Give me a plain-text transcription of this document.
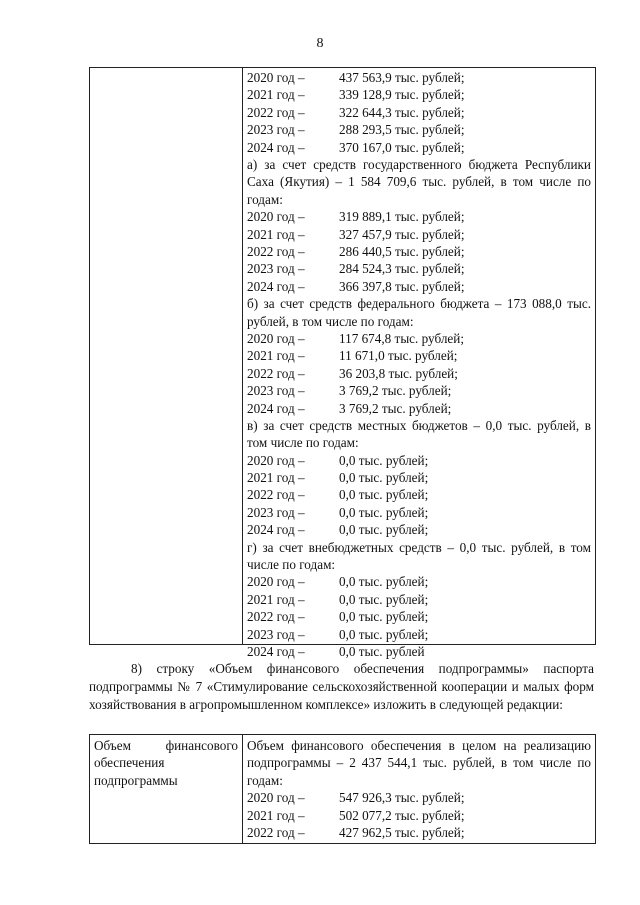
8
2020 год –	437 563,9 тыс. рублей;
2021 год –	339 128,9 тыс. рублей;
2022 год –	322 644,3 тыс. рублей;
2023 год –	288 293,5 тыс. рублей;
2024 год –	370 167,0 тыс. рублей;
а) за счет средств государственного бюджета Республики Саха (Якутия) – 1 584 709,6 тыс. рублей, в том числе по годам:
2020 год –	319 889,1 тыс. рублей;
2021 год –	327 457,9 тыс. рублей;
2022 год –	286 440,5 тыс. рублей;
2023 год –	284 524,3 тыс. рублей;
2024 год –	366 397,8 тыс. рублей;
б) за счет средств федерального бюджета – 173 088,0 тыс. рублей, в том числе по годам:
2020 год –	117 674,8 тыс. рублей;
2021 год –	11 671,0 тыс. рублей;
2022 год –	36 203,8 тыс. рублей;
2023 год –	3 769,2 тыс. рублей;
2024 год –	3 769,2 тыс. рублей;
в) за счет средств местных бюджетов – 0,0 тыс. рублей, в том числе по годам:
2020 год –	0,0 тыс. рублей;
2021 год –	0,0 тыс. рублей;
2022 год –	0,0 тыс. рублей;
2023 год –	0,0 тыс. рублей;
2024 год –	0,0 тыс. рублей;
г) за счет внебюджетных средств – 0,0 тыс. рублей, в том числе по годам:
2020 год –	0,0 тыс. рублей;
2021 год –	0,0 тыс. рублей;
2022 год –	0,0 тыс. рублей;
2023 год –	0,0 тыс. рублей;
2024 год –	0,0 тыс. рублей
8) строку «Объем финансового обеспечения подпрограммы» паспорта подпрограммы № 7 «Стимулирование сельскохозяйственной кооперации и малых форм хозяйствования в агропромышленном комплексе» изложить в следующей редакции:
Объем финансового обеспечения подпрограммы
Объем финансового обеспечения в целом на реализацию подпрограммы – 2 437 544,1 тыс. рублей, в том числе по годам:
2020 год –	547 926,3 тыс. рублей;
2021 год –	502 077,2 тыс. рублей;
2022 год –	427 962,5 тыс. рублей;
